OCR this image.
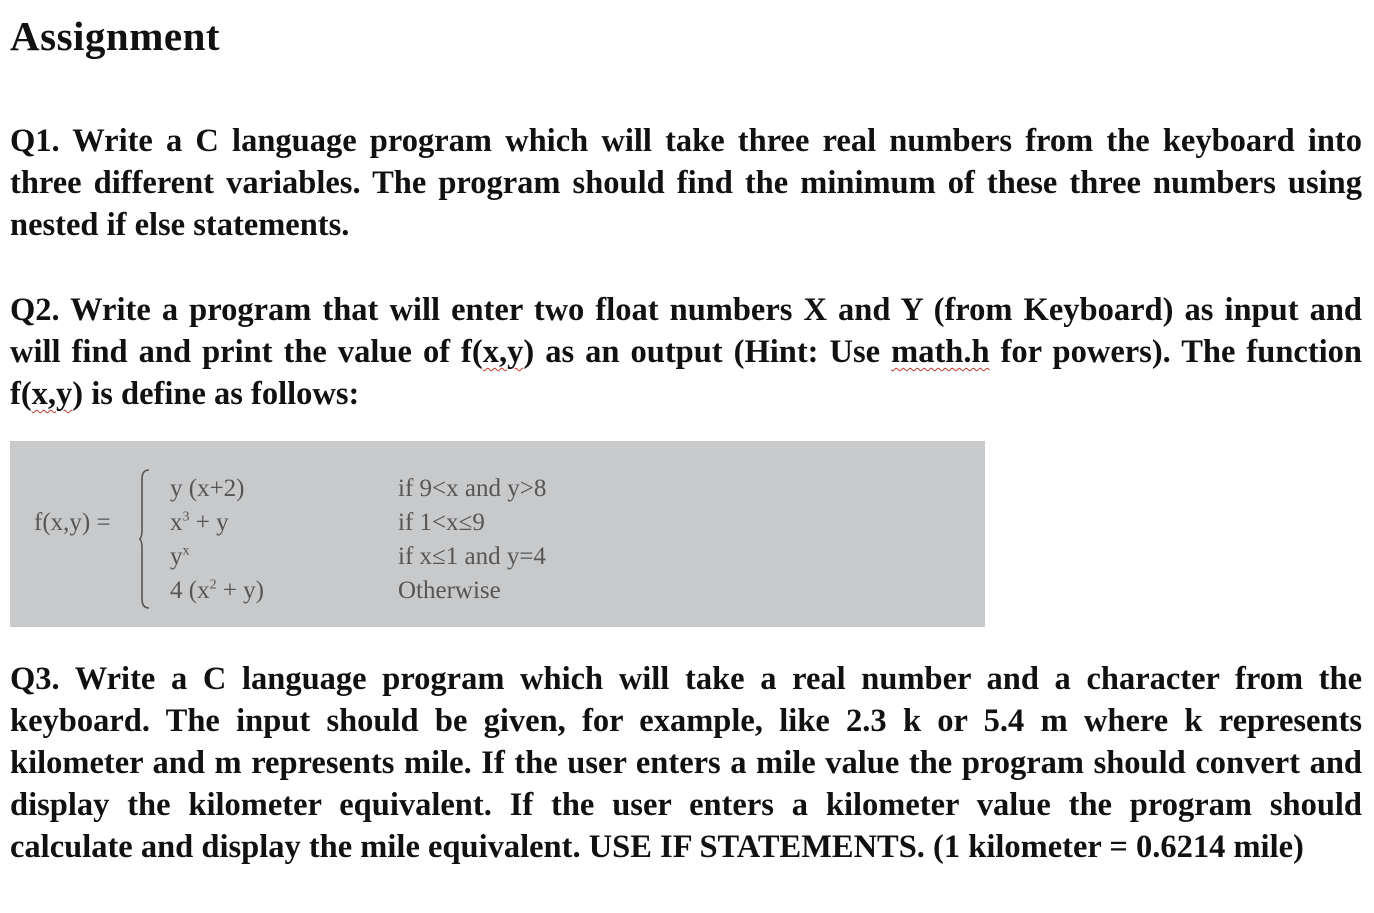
Assignment
Q1. Write a C language program which will take three real numbers from the keyboard into three different variables. The program should find the minimum of these three numbers using nested if else statements.
Q2. Write a program that will enter two float numbers X and Y (from Keyboard) as input and will find and print the value of f(x,y) as an output (Hint: Use math.h for powers). The function f(x,y) is define as follows:
f(x,y) =
y (x+2)	if 9<x and y>8
$x^3 + y$	if 1<x≤9
$y^x$	if x≤1 and y=4
4 $(x^2 + y)$	Otherwise
Q3. Write a C language program which will take a real number and a character from the keyboard. The input should be given, for example, like 2.3 k or 5.4 m where k represents kilometer and m represents mile. If the user enters a mile value the program should convert and display the kilometer equivalent. If the user enters a kilometer value the program should calculate and display the mile equivalent. USE IF STATEMENTS. (1 kilometer = 0.6214 mile)
